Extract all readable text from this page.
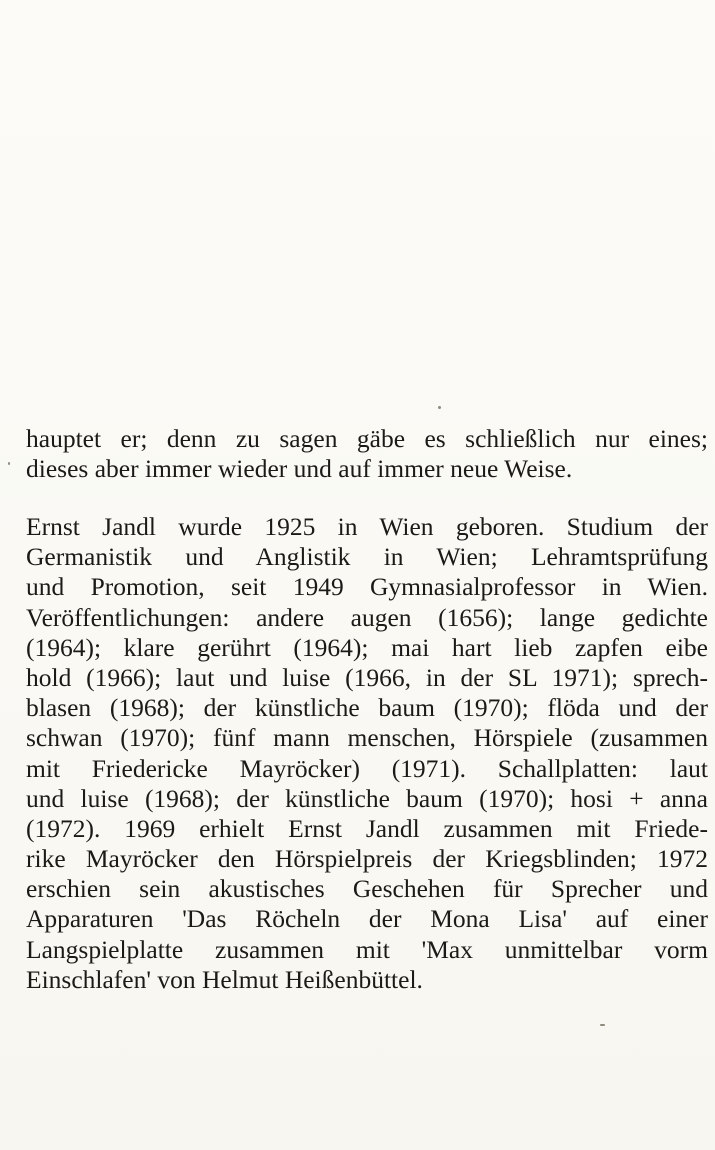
hauptet er; denn zu sagen gäbe es schließlich nur eines;
dieses aber immer wieder und auf immer neue Weise.
Ernst Jandl wurde 1925 in Wien geboren. Studium der
Germanistik und Anglistik in Wien; Lehramtsprüfung
und Promotion, seit 1949 Gymnasialprofessor in Wien.
Veröffentlichungen: andere augen (1656); lange gedichte
(1964); klare gerührt (1964); mai hart lieb zapfen eibe
hold (1966); laut und luise (1966, in der SL 1971); sprech-
blasen (1968); der künstliche baum (1970); flöda und der
schwan (1970); fünf mann menschen, Hörspiele (zusammen
mit Friedericke Mayröcker) (1971). Schallplatten: laut
und luise (1968); der künstliche baum (1970); hosi + anna
(1972). 1969 erhielt Ernst Jandl zusammen mit Friede-
rike Mayröcker den Hörspielpreis der Kriegsblinden; 1972
erschien sein akustisches Geschehen für Sprecher und
Apparaturen 'Das Röcheln der Mona Lisa' auf einer
Langspielplatte zusammen mit 'Max unmittelbar vorm
Einschlafen' von Helmut Heißenbüttel.
